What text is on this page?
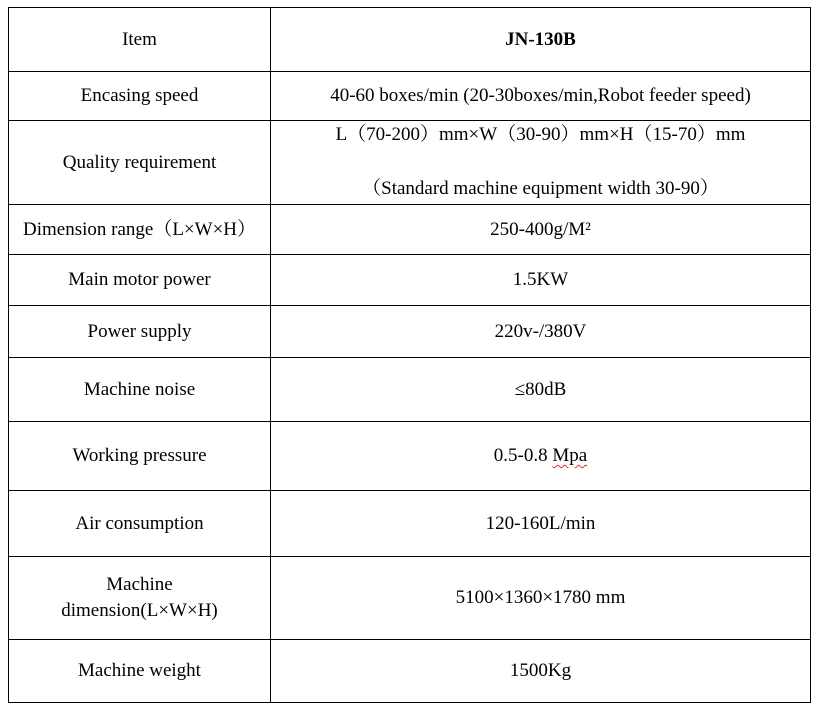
Item	JN-130B
Encasing speed	40-60 boxes/min (20-30boxes/min,Robot feeder speed)
Quality requirement	L（70-200）mm×W（30-90）mm×H（15-70）mm
（Standard machine equipment width 30-90）

Dimension range（L×W×H）	250-400g/M²
Main motor power	1.5KW
Power supply	220v-/380V
Machine noise	≤80dB
Working pressure	0.5-0.8 Mpa
Air consumption	120-160L/min

Machine
dimension(L×W×H)	5100×1360×1780 mm
Machine weight	1500Kg
